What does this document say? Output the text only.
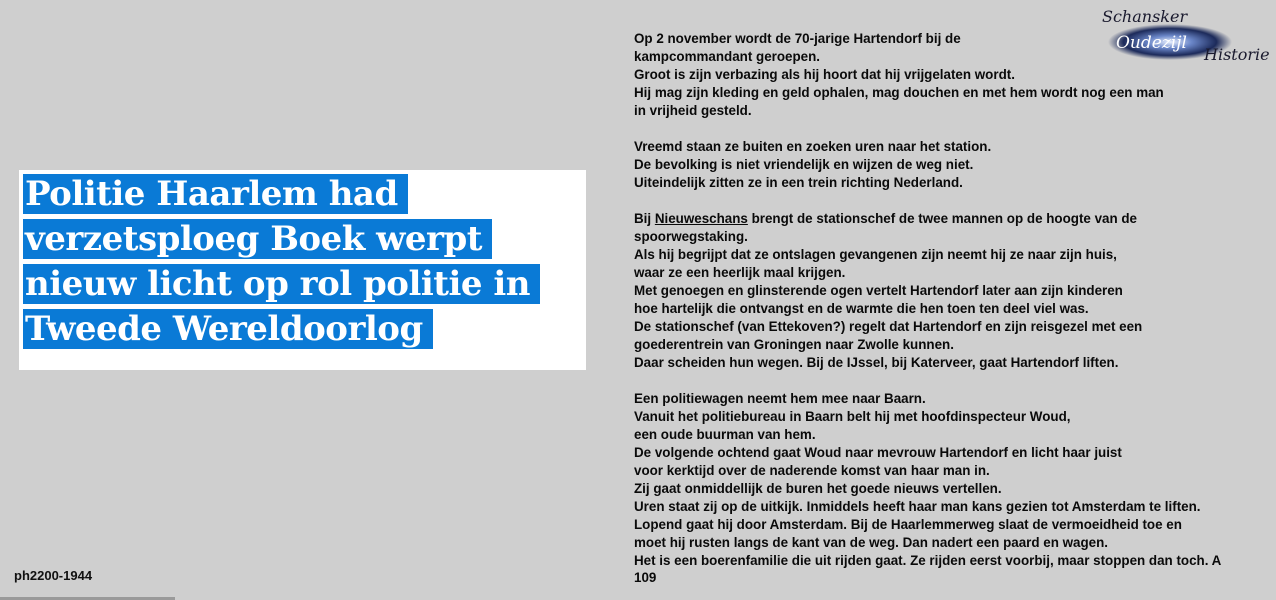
Politie Haarlem had
verzetsploeg Boek werpt
nieuw licht op rol politie in
Tweede Wereldoorlog
ph2200-1944
Schansker
Oudezijl
Historie
Op 2 november wordt de 70-jarige Hartendorf bij de
kampcommandant geroepen.
Groot is zijn verbazing als hij hoort dat hij vrijgelaten wordt.
Hij mag zijn kleding en geld ophalen, mag douchen en met hem wordt nog een man
in vrijheid gesteld.
Vreemd staan ze buiten en zoeken uren naar het station.
De bevolking is niet vriendelijk en wijzen de weg niet.
Uiteindelijk zitten ze in een trein richting Nederland.
Bij Nieuweschans brengt de stationschef de twee mannen op de hoogte van de
spoorwegstaking.
Als hij begrijpt dat ze ontslagen gevangenen zijn neemt hij ze naar zijn huis,
waar ze een heerlijk maal krijgen.
Met genoegen en glinsterende ogen vertelt Hartendorf later aan zijn kinderen
hoe hartelijk die ontvangst en de warmte die hen toen ten deel viel was.
De stationschef (van Ettekoven?) regelt dat Hartendorf en zijn reisgezel met een
goederentrein van Groningen naar Zwolle kunnen.
Daar scheiden hun wegen. Bij de IJssel, bij Katerveer, gaat Hartendorf liften.
Een politiewagen neemt hem mee naar Baarn.
Vanuit het politiebureau in Baarn belt hij met hoofdinspecteur Woud,
een oude buurman van hem.
De volgende ochtend gaat Woud naar mevrouw Hartendorf en licht haar juist
voor kerktijd over de naderende komst van haar man in.
Zij gaat onmiddellijk de buren het goede nieuws vertellen.
Uren staat zij op de uitkijk. Inmiddels heeft haar man kans gezien tot Amsterdam te liften.
Lopend gaat hij door Amsterdam. Bij de Haarlemmerweg slaat de vermoeidheid toe en
moet hij rusten langs de kant van de weg. Dan nadert een paard en wagen.
Het is een boerenfamilie die uit rijden gaat. Ze rijden eerst voorbij, maar stoppen dan toch. A
109
